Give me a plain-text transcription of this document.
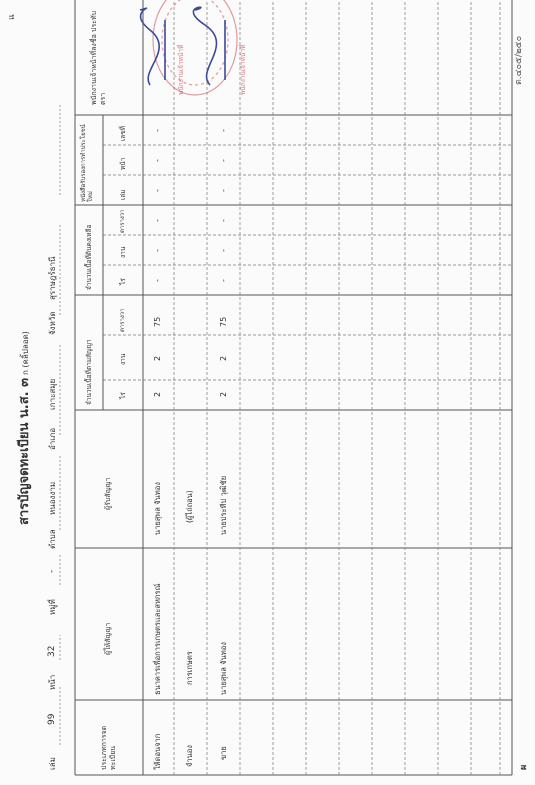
เล่ม
99
หน้า
32
หมู่ที่
-
ตำบล
หนองงาม
อำเภอ
เกาะสมุย
จังหวัด
สุราษฎร์ธานี
สารบัญจดทะเบียน น.ส. ๓
ก (คลิ้ปลอด)
แ
ประเภทการจดทะเบียน
ผู้ให้สัญญา
ผู้รับสัญญา
จำนวนเนื้อที่ตามสัญญา
จำนวนเนื้อที่ดินคงเหลือ
หนังสือรับรองการทำประโยชน์ใหม่
พนักงานเจ้าหน้าที่ลงชื่อ ประทับตรา
ไร่
งาน
ตารางวา
ไร่
งาน
ตารางวา
เล่ม
หน้า
เลขที่
ให้ดอนจาก
ธนาคารเพื่อการเกษตรและสหกรณ์
นายสุพล จันทอง
2
2
75
-
-
-
-
-
-
จำนอง
การเกษตร
(ผู้ไถ่ถอน)
ขาย
นายสุพล จันทอง
นายประทีป วุฒิชัย
2
2
75
-
-
-
-
-
-
ผ
พนักงานเจ้าหน้าที่	พนักงานเจ้าหน้าที่	ต.๔๐๕/๒๕๐
